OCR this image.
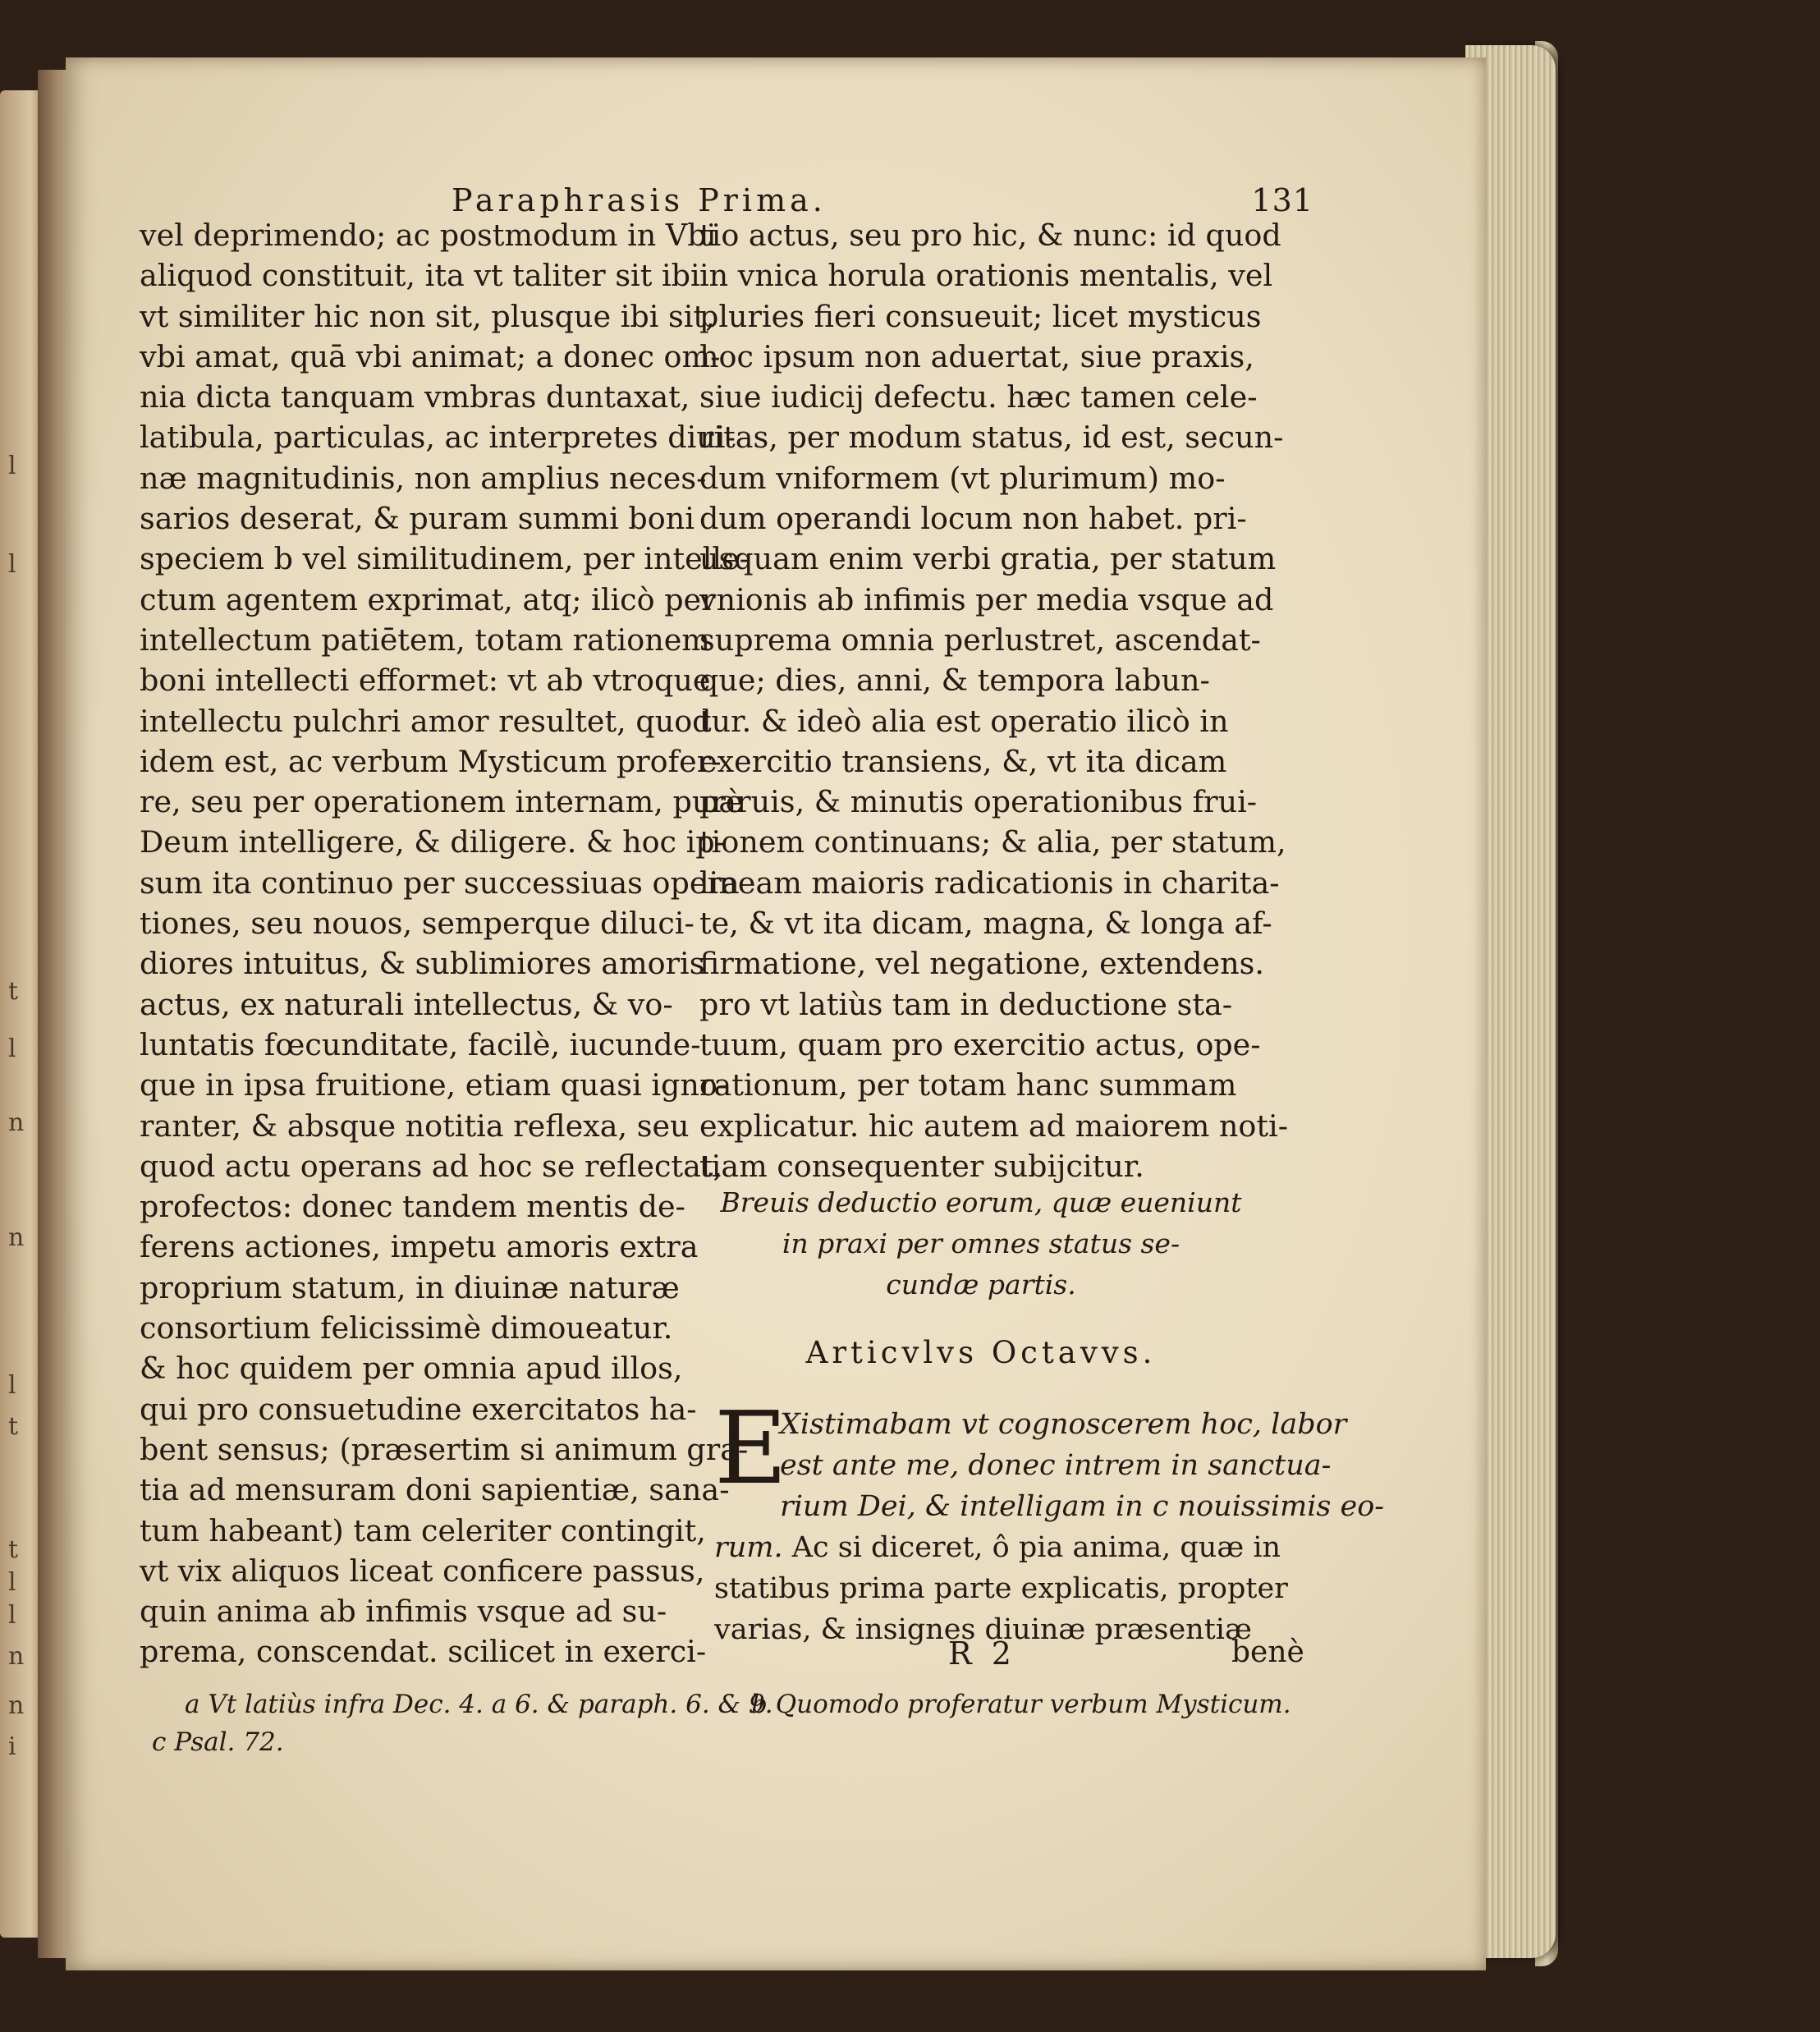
l
l
t
l
n
n
l
t
t
l
l
n
n
i
Paraphrasis Prima.	131
vel deprimendo; ac postmodum in Vbi
aliquod constituit, ita vt taliter sit ibi
vt similiter hic non sit, plusque ibi sit,
vbi amat, quā vbi animat; a donec om-
nia dicta tanquam vmbras duntaxat,
latibula, particulas, ac interpretes diui-
næ magnitudinis, non amplius neces-
sarios deserat, & puram summi boni
speciem b vel similitudinem, per intelle-
ctum agentem exprimat, atq; ilicò per
intellectum patiētem, totam rationem
boni intellecti efformet: vt ab vtroque
intellectu pulchri amor resultet, quod
idem est, ac verbum Mysticum profer-
re, seu per operationem internam, purè
Deum intelligere, & diligere. & hoc ip-
sum ita continuo per successiuas opera
tiones, seu nouos, semperque diluci-
diores intuitus, & sublimiores amoris
actus, ex naturali intellectus, & vo-
luntatis fœcunditate, facilè, iucunde-
que in ipsa fruitione, etiam quasi igno-
ranter, & absque notitia reflexa, seu
quod actu operans ad hoc se reflectat,
profectos: donec tandem mentis de-
ferens actiones, impetu amoris extra
proprium statum, in diuinæ naturæ
consortium felicissimè dimoueatur.
& hoc quidem per omnia apud illos,
qui pro consuetudine exercitatos ha-
bent sensus; (præsertim si animum gra-
tia ad mensuram doni sapientiæ, sana-
tum habeant) tam celeriter contingit,
vt vix aliquos liceat conficere passus,
quin anima ab infimis vsque ad su-
prema, conscendat. scilicet in exerci-
tio actus, seu pro hic, & nunc: id quod
in vnica horula orationis mentalis, vel
pluries fieri consueuit; licet mysticus
hoc ipsum non aduertat, siue praxis,
siue iudicij defectu. hæc tamen cele-
ritas, per modum status, id est, secun-
dum vniformem (vt plurimum) mo-
dum operandi locum non habet. pri-
usquam enim verbi gratia, per statum
vnionis ab infimis per media vsque ad
suprema omnia perlustret, ascendat-
que; dies, anni, & tempora labun-
tur. & ideò alia est operatio ilicò in
exercitio transiens, &, vt ita dicam
paruis, & minutis operationibus frui-
tionem continuans; & alia, per statum,
lineam maioris radicationis in charita-
te, & vt ita dicam, magna, & longa af-
firmatione, vel negatione, extendens.
pro vt latiùs tam in deductione sta-
tuum, quam pro exercitio actus, ope-
rationum, per totam hanc summam
explicatur. hic autem ad maiorem noti-
tiam consequenter subijcitur.
Breuis deductio eorum, quæ eueniunt
in praxi per omnes status se-
cundæ partis.
Articvlvs Octavvs.
E
Xistimabam vt cognoscerem hoc, labor
est ante me, donec intrem in sanctua-
rium Dei, & intelligam in c nouissimis eo-
rum. Ac si diceret, ô pia anima, quæ in
statibus prima parte explicatis, propter
varias, & insignes diuinæ præsentiæ
R 2	benè
a Vt latiùs infra Dec. 4. a 6. & paraph. 6. & 9.
b Quomodo proferatur verbum Mysticum.
c Psal. 72.
